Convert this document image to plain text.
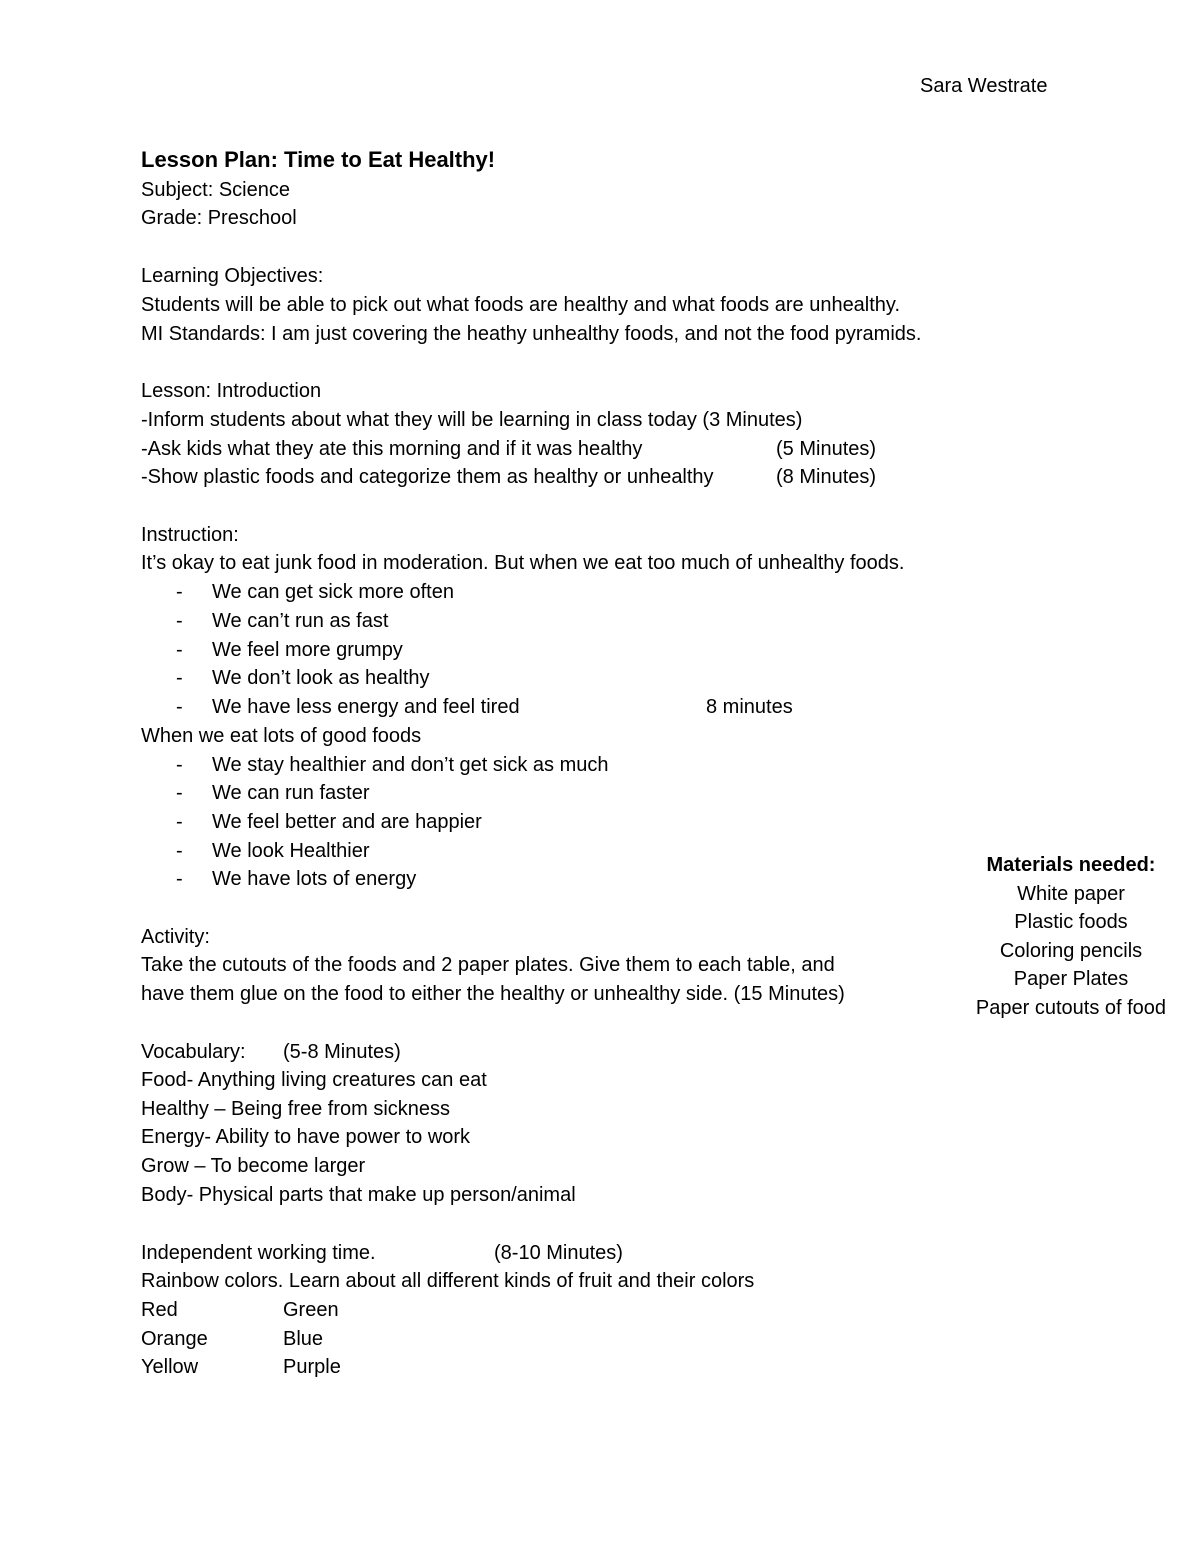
Sara Westrate
Lesson Plan: Time to Eat Healthy!
Subject: Science
Grade: Preschool
Learning Objectives:
Students will be able to pick out what foods are healthy and what foods are unhealthy.
MI Standards: I am just covering the heathy unhealthy foods, and not the food pyramids.
Lesson: Introduction
-Inform students about what they will be learning in class today (3 Minutes)
-Ask kids what they ate this morning and if it was healthy	(5 Minutes)
-Show plastic foods and categorize them as healthy or unhealthy	(8 Minutes)
Instruction:
It’s okay to eat junk food in moderation. But when we eat too much of unhealthy foods.
- We can get sick more often
- We can’t run as fast
- We feel more grumpy
- We don’t look as healthy
- We have less energy and feel tired	8 minutes
When we eat lots of good foods
- We stay healthier and don’t get sick as much
- We can run faster
- We feel better and are happier
- We look Healthier
- We have lots of energy
Activity:
Take the cutouts of the foods and 2 paper plates. Give them to each table, and
have them glue on the food to either the healthy or unhealthy side. (15 Minutes)
Vocabulary: (5-8 Minutes)
Food- Anything living creatures can eat
Healthy – Being free from sickness
Energy- Ability to have power to work
Grow – To become larger
Body- Physical parts that make up person/animal
Independent working time.	(8-10 Minutes)
Rainbow colors. Learn about all different kinds of fruit and their colors
Red	Green
Orange	Blue
Yellow	Purple
Materials needed:
White paper
Plastic foods
Coloring pencils
Paper Plates
Paper cutouts of food
